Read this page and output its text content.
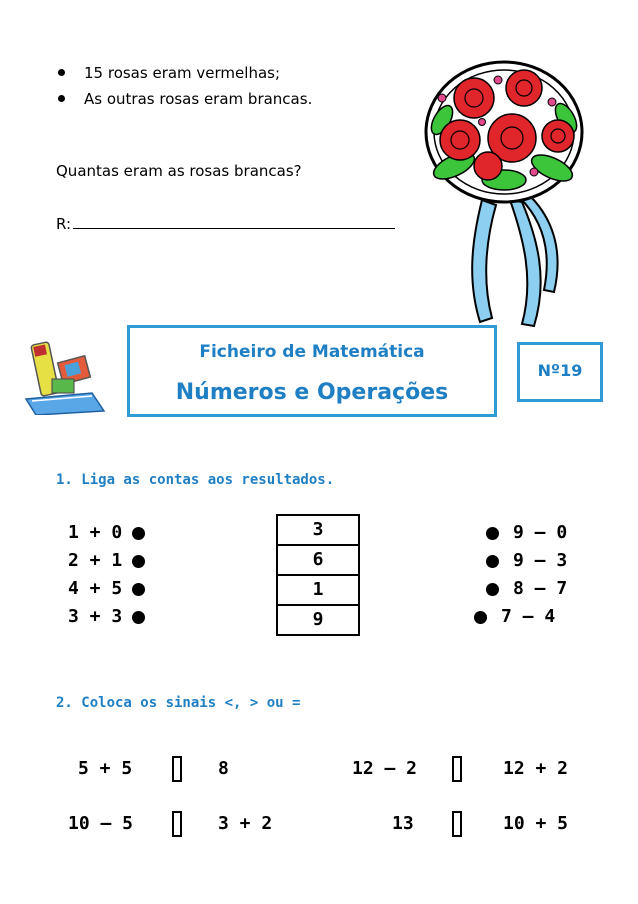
15 rosas eram vermelhas;
As outras rosas eram brancas.
Quantas eram as rosas brancas?
R:
Ficheiro de Matemática
Números e Operações
Nº19
1. Liga as contas aos resultados.
1 + 0
2 + 1
4 + 5
3 + 3
3
6
1
9
9 – 0
9 – 3
8 – 7
7 – 4
2. Coloca os sinais <, > ou =
5 + 5	8	12 – 2	12 + 2
10 – 5	3 + 2	13	10 + 5
